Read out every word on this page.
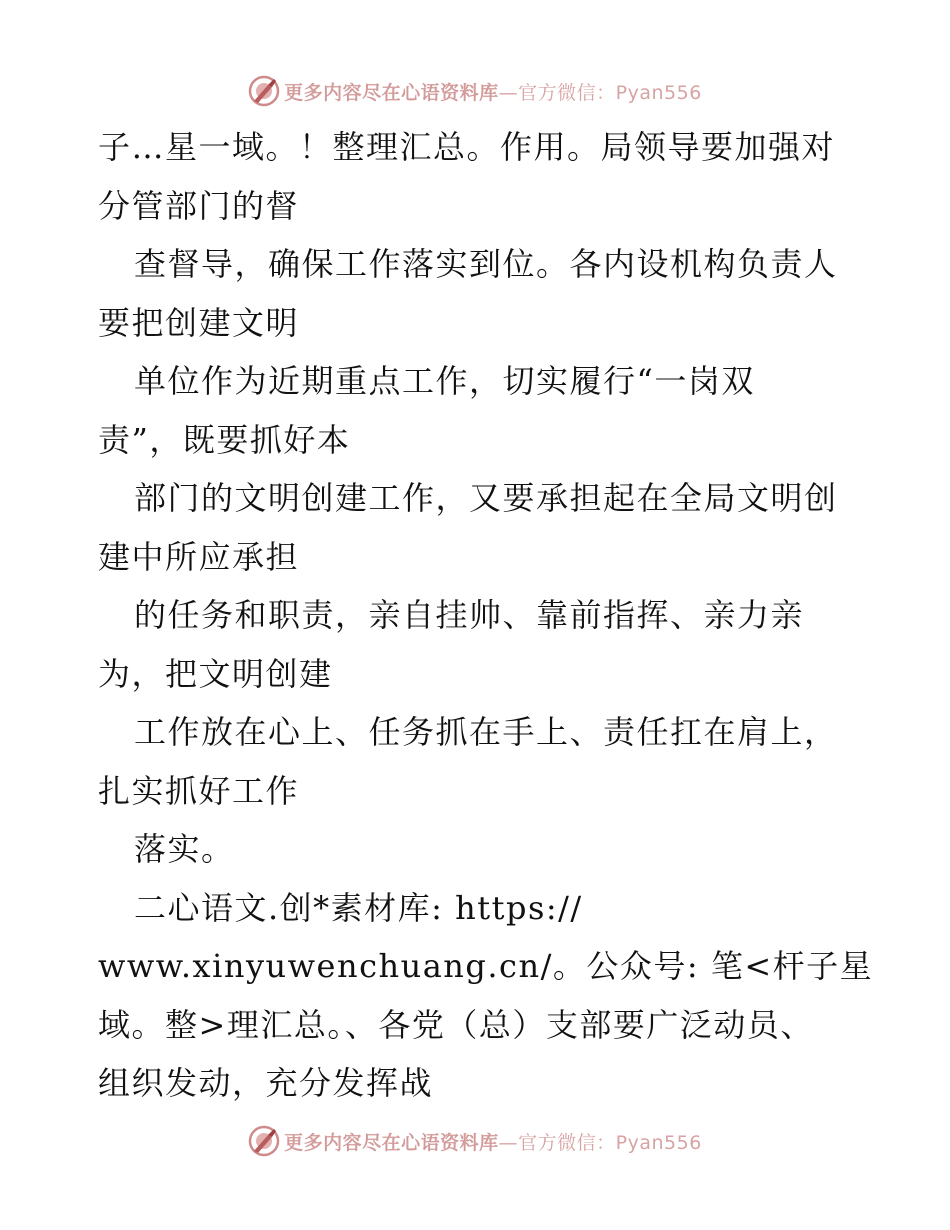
更多内容尽在心语资料库—官方微信：Pyan556
子…星一域。！整理汇总。作用。局领导要加强对
分管部门的督
查督导，确保工作落实到位。各内设机构负责人
要把创建文明
单位作为近期重点工作，切实履行“一岗双
责”，既要抓好本
部门的文明创建工作，又要承担起在全局文明创
建中所应承担
的任务和职责，亲自挂帅、靠前指挥、亲力亲
为，把文明创建
工作放在心上、任务抓在手上、责任扛在肩上，
扎实抓好工作
落实。
二心语文.创*素材库: https://
www.xinyuwenchuang.cn/。公众号: 笔<杆子星
域。整>理汇总。、各党（总）支部要广泛动员、
组织发动，充分发挥战
更多内容尽在心语资料库—官方微信：Pyan556
